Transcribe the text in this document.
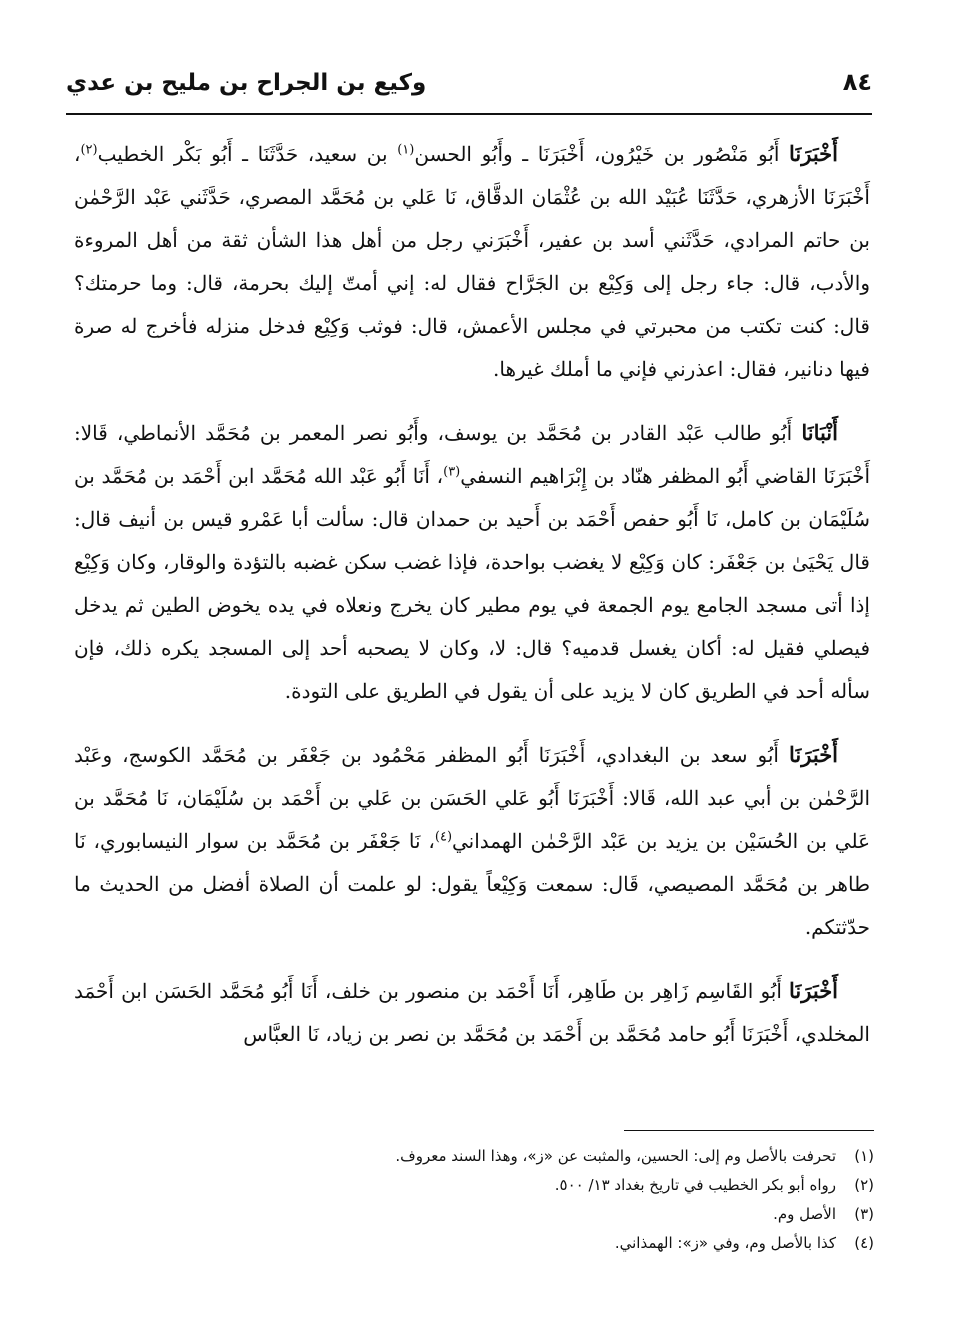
٨٤
وكيع بن الجراح بن مليح بن عدي

أَخْبَرَنَا أَبُو مَنْصُور بن خَيْرُون، أَخْبَرَنَا ـ وأَبُو الحسن$^{(١)}$ بن سعيد، حَدَّثَنَا ـ أَبُو بَكْر الخطيب$^{(٢)}$، أَخْبَرَنَا الأزهري، حَدَّثَنَا عُبَيْد الله بن عُثْمَان الدقَّاق، نَا عَلي بن مُحَمَّد المصري، حَدَّثَني عَبْد الرَّحْمٰن بن حاتم المرادي، حَدَّثَني أسد بن عفير، أَخْبَرَني رجل من أهل هذا الشأن ثقة من أهل المروءة والأدب، قال: جاء رجل إلى وَكِيْع بن الجَرَّاح فقال له: إني أمتّ إليك بحرمة، قال: وما حرمتك؟ قال: كنت تكتب من محبرتي في مجلس الأعمش، قال: فوثب وَكِيْع فدخل منزله فأخرج له صرة فيها دنانير، فقال: اعذرني فإني ما أملك غيرها.

أَنْبَانَا أَبُو طالب عَبْد القادر بن مُحَمَّد بن يوسف، وأَبُو نصر المعمر بن مُحَمَّد الأنماطي، قَالا: أَخْبَرَنَا القاضي أَبُو المظفر هنّاد بن إِبْرَاهيم النسفي$^{(٣)}$، أَنَا أَبُو عَبْد الله مُحَمَّد ابن أَحْمَد بن مُحَمَّد بن سُلَيْمَان بن كامل، نَا أَبُو حفص أَحْمَد بن أَحيد بن حمدان قال: سألت أبا عَمْرو قيس بن أنيف قال: قال يَحْيَىٰ بن جَعْفَر: كان وَكِيْع لا يغضب بواحدة، فإذا غضب سكن غضبه بالتؤدة والوقار، وكان وَكِيْع إذا أتى مسجد الجامع يوم الجمعة في يوم مطير كان يخرج ونعلاه في يده يخوض الطين ثم يدخل فيصلي فقيل له: أكان يغسل قدميه؟ قال: لا، وكان لا يصحبه أحد إلى المسجد يكره ذلك، فإن سأله أحد في الطريق كان لا يزيد على أن يقول في الطريق على التودة.

أَخْبَرَنَا أَبُو سعد بن البغدادي، أَخْبَرَنَا أَبُو المظفر مَحْمُود بن جَعْفَر بن مُحَمَّد الكوسج، وعَبْد الرَّحْمٰن بن أبي عبد الله، قَالا: أَخْبَرَنَا أَبُو عَلي الحَسَن بن عَلي بن أَحْمَد بن سُلَيْمَان، نَا مُحَمَّد بن عَلي بن الحُسَيْن بن يزيد بن عَبْد الرَّحْمٰن الهمداني$^{(٤)}$، نَا جَعْفَر بن مُحَمَّد بن سوار النيسابوري، نَا طاهر بن مُحَمَّد المصيصي، قَال: سمعت وَكِيْعاً يقول: لو علمت أن الصلاة أفضل من الحديث ما حدّثتكم.

أَخْبَرَنَا أَبُو القَاسِم زَاهِر بن طَاهِر، أَنَا أَحْمَد بن منصور بن خلف، أَنَا أَبُو مُحَمَّد الحَسَن ابن أَحْمَد المخلدي، أَخْبَرَنَا أَبُو حامد مُحَمَّد بن أَحْمَد بن مُحَمَّد بن نصر بن زياد، نَا العبَّاس

(١)
تحرفت بالأصل وم إلى: الحسين، والمثبت عن «ز»، وهذا السند معروف.
(٢)
رواه أبو بكر الخطيب في تاريخ بغداد ١٣/ ٥٠٠.
(٣)
الأصل وم.
(٤)
كذا بالأصل وم، وفي «ز»: الهمذاني.
